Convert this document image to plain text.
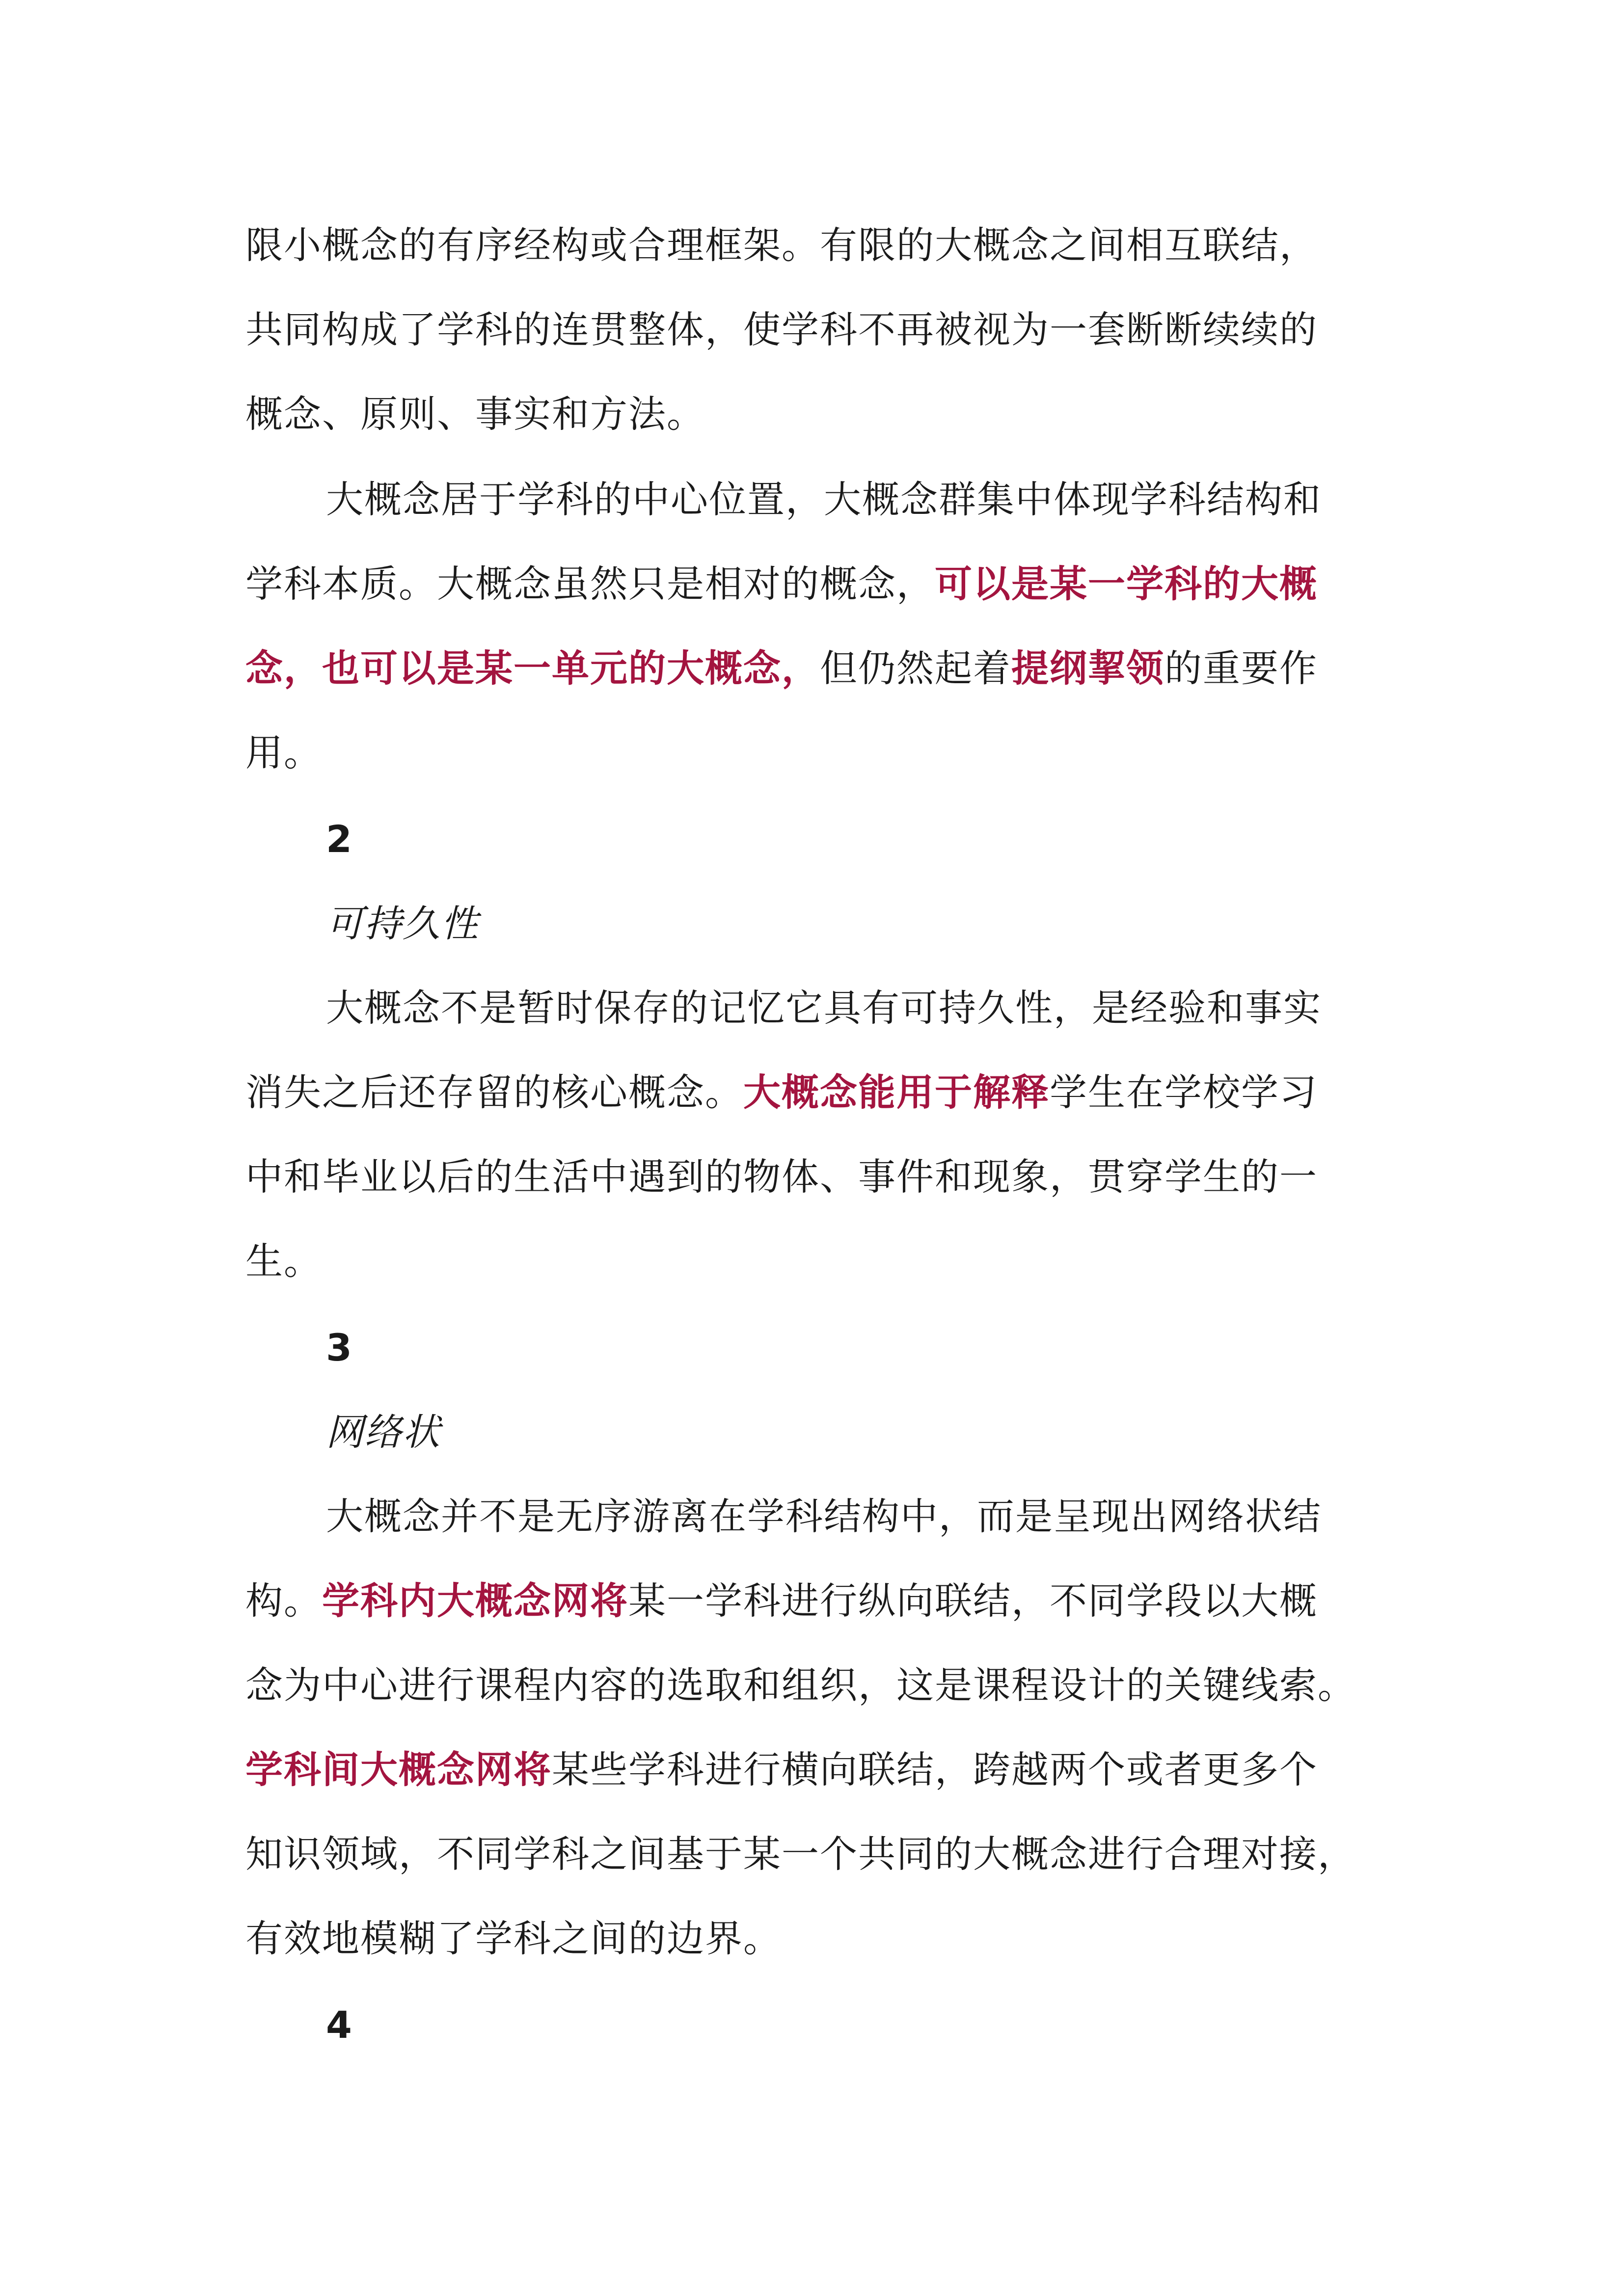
限小概念的有序经构或合理框架。有限的大概念之间相互联结，
共同构成了学科的连贯整体，使学科不再被视为一套断断续续的
概念、原则、事实和方法。
大概念居于学科的中心位置，大概念群集中体现学科结构和
学科本质。大概念虽然只是相对的概念，可以是某一学科的大概
念，也可以是某一单元的大概念，但仍然起着提纲挈领的重要作
用。
2
可持久性
大概念不是暂时保存的记忆它具有可持久性，是经验和事实
消失之后还存留的核心概念。大概念能用于解释学生在学校学习
中和毕业以后的生活中遇到的物体、事件和现象，贯穿学生的一
生。
3
网络状
大概念并不是无序游离在学科结构中，而是呈现出网络状结
构。学科内大概念网将某一学科进行纵向联结，不同学段以大概
念为中心进行课程内容的选取和组织，这是课程设计的关键线索。
学科间大概念网将某些学科进行横向联结，跨越两个或者更多个
知识领域，不同学科之间基于某一个共同的大概念进行合理对接，
有效地模糊了学科之间的边界。
4
